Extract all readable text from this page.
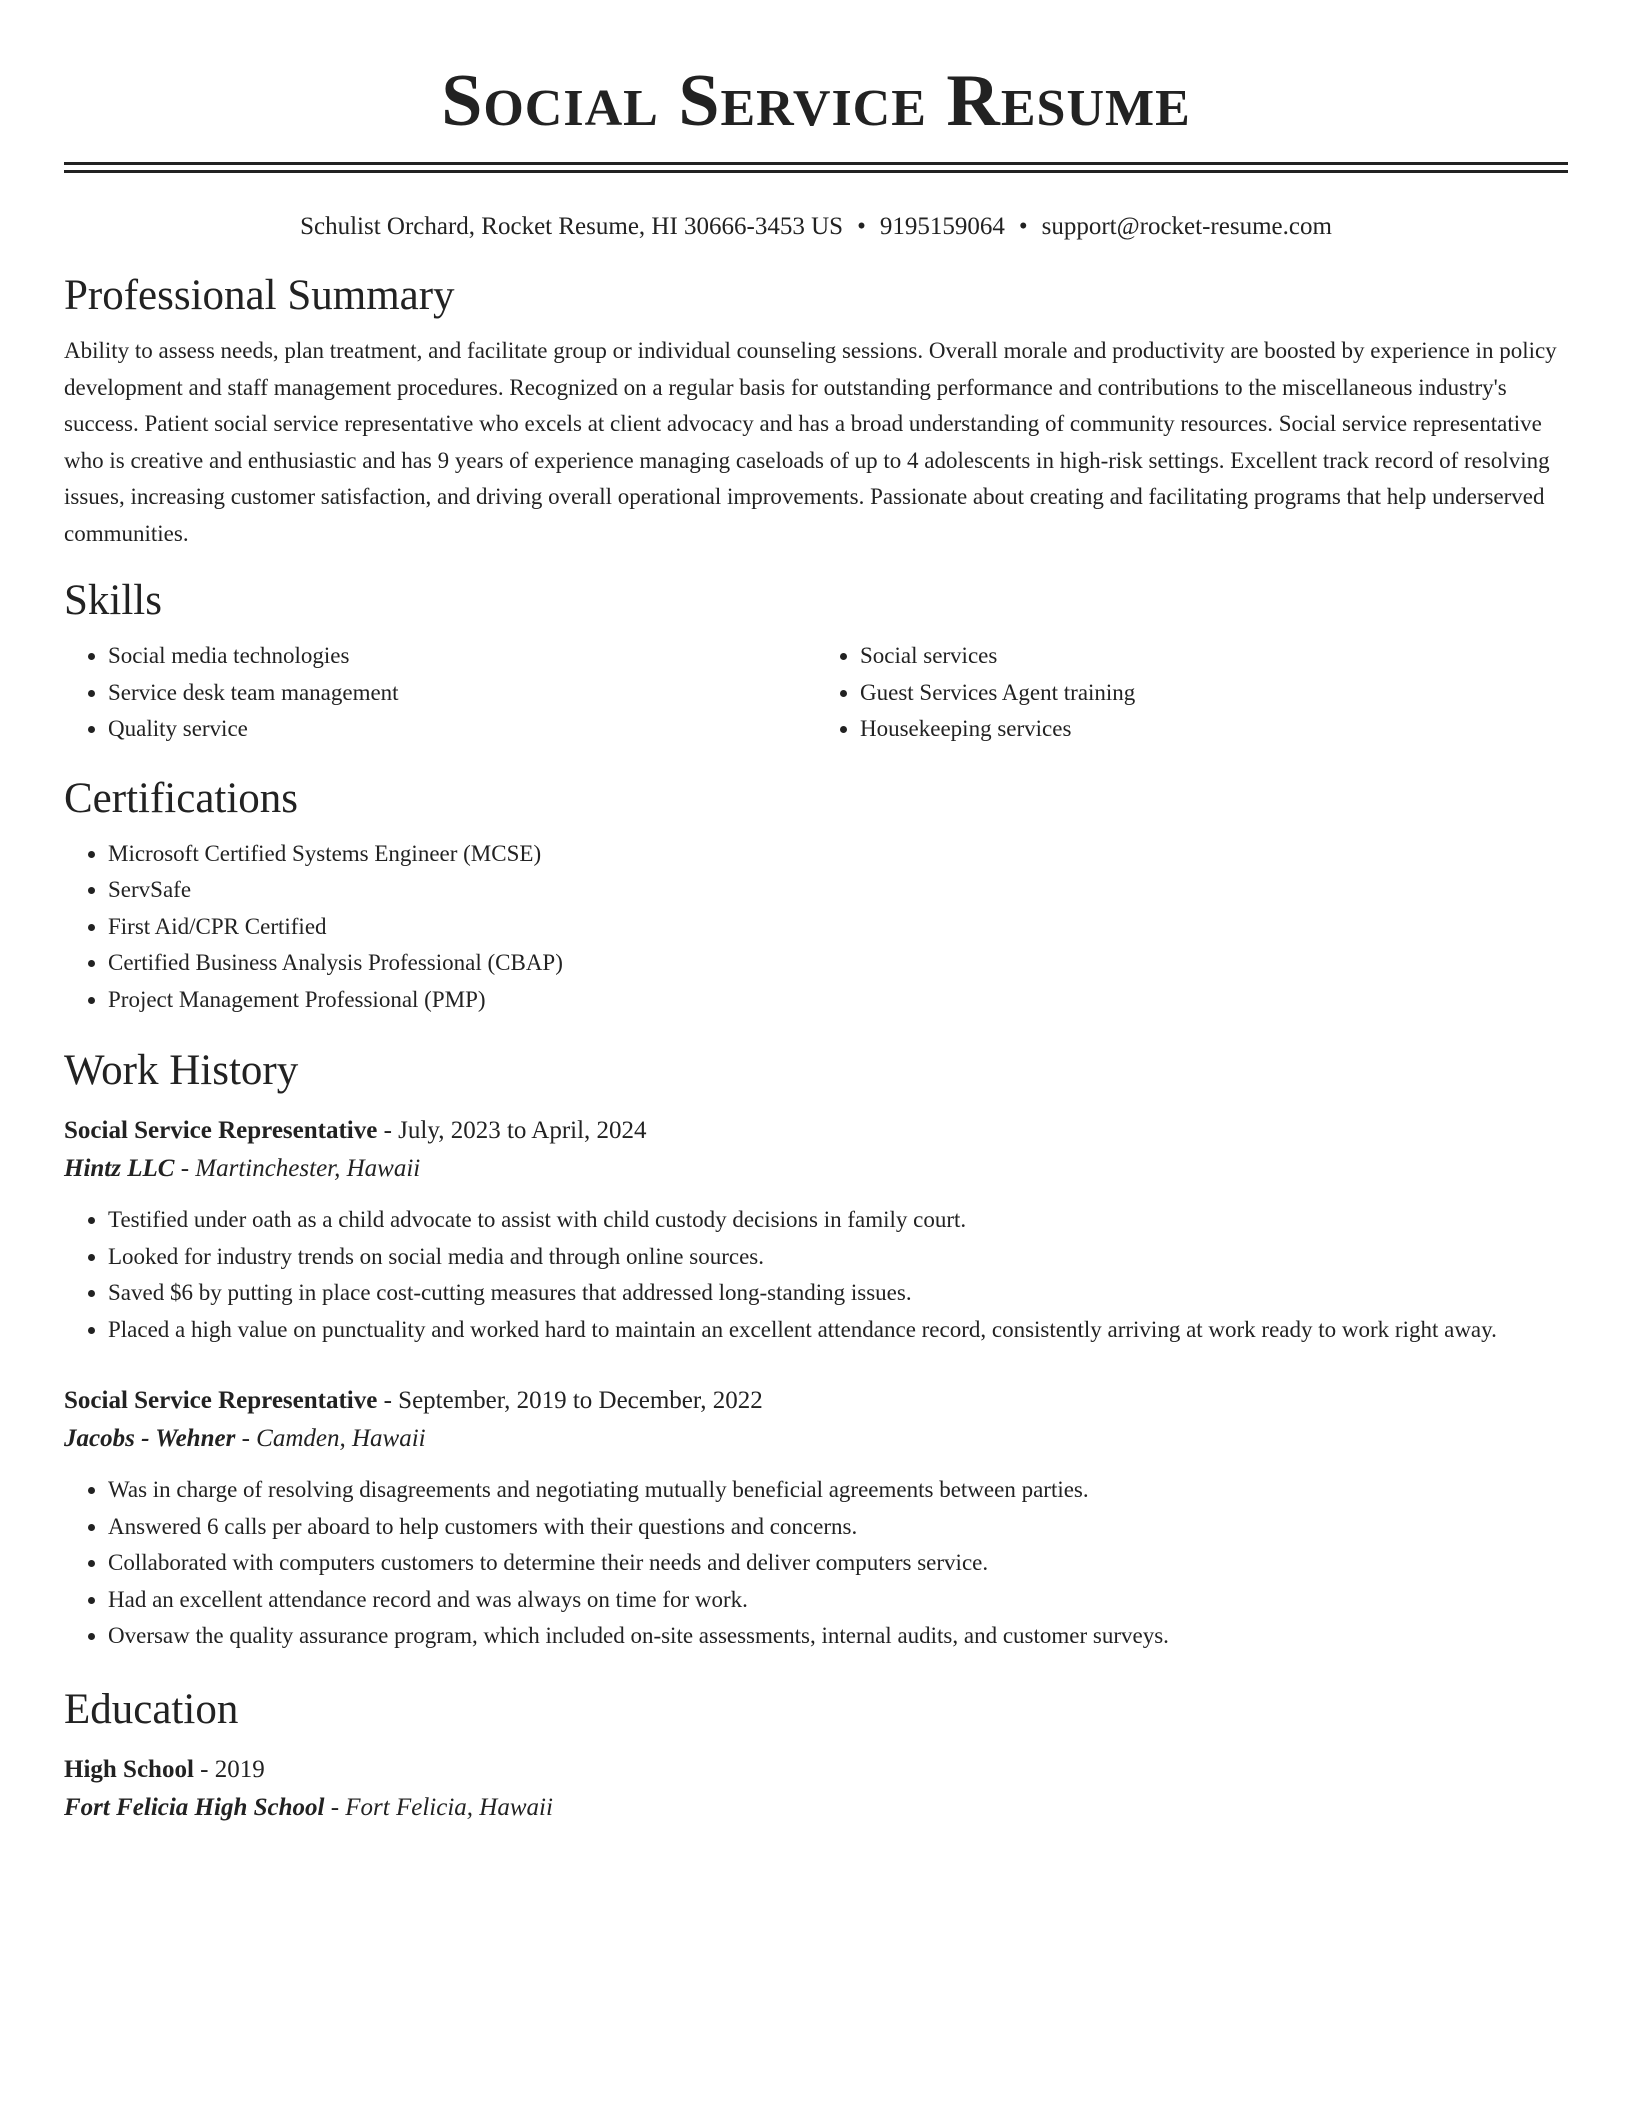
Social Service Resume
Schulist Orchard, Rocket Resume, HI 30666-3453 US • 9195159064 • support@rocket-resume.com
Professional Summary

Ability to assess needs, plan treatment, and facilitate group or individual counseling sessions. Overall morale and productivity are boosted by experience in policy development and staff management procedures. Recognized on a regular basis for outstanding performance and contributions to the miscellaneous industry's success. Patient social service representative who excels at client advocacy and has a broad understanding of community resources. Social service representative who is creative and enthusiastic and has 9 years of experience managing caseloads of up to 4 adolescents in high-risk settings. Excellent track record of resolving issues, increasing customer satisfaction, and driving overall operational improvements. Passionate about creating and facilitating programs that help underserved communities.

Skills
• Social media technologies
• Service desk team management
• Quality service
• Social services
• Guest Services Agent training
• Housekeeping services
Certifications
• Microsoft Certified Systems Engineer (MCSE)
• ServSafe
• First Aid/CPR Certified
• Certified Business Analysis Professional (CBAP)
• Project Management Professional (PMP)
Work History
Social Service Representative - July, 2023 to April, 2024
Hintz LLC - Martinchester, Hawaii
• Testified under oath as a child advocate to assist with child custody decisions in family court.
• Looked for industry trends on social media and through online sources.
• Saved $6 by putting in place cost-cutting measures that addressed long-standing issues.
• Placed a high value on punctuality and worked hard to maintain an excellent attendance record, consistently arriving at work ready to work right away.
Social Service Representative - September, 2019 to December, 2022
Jacobs - Wehner - Camden, Hawaii
• Was in charge of resolving disagreements and negotiating mutually beneficial agreements between parties.
• Answered 6 calls per aboard to help customers with their questions and concerns.
• Collaborated with computers customers to determine their needs and deliver computers service.
• Had an excellent attendance record and was always on time for work.
• Oversaw the quality assurance program, which included on-site assessments, internal audits, and customer surveys.
Education
High School - 2019
Fort Felicia High School - Fort Felicia, Hawaii
